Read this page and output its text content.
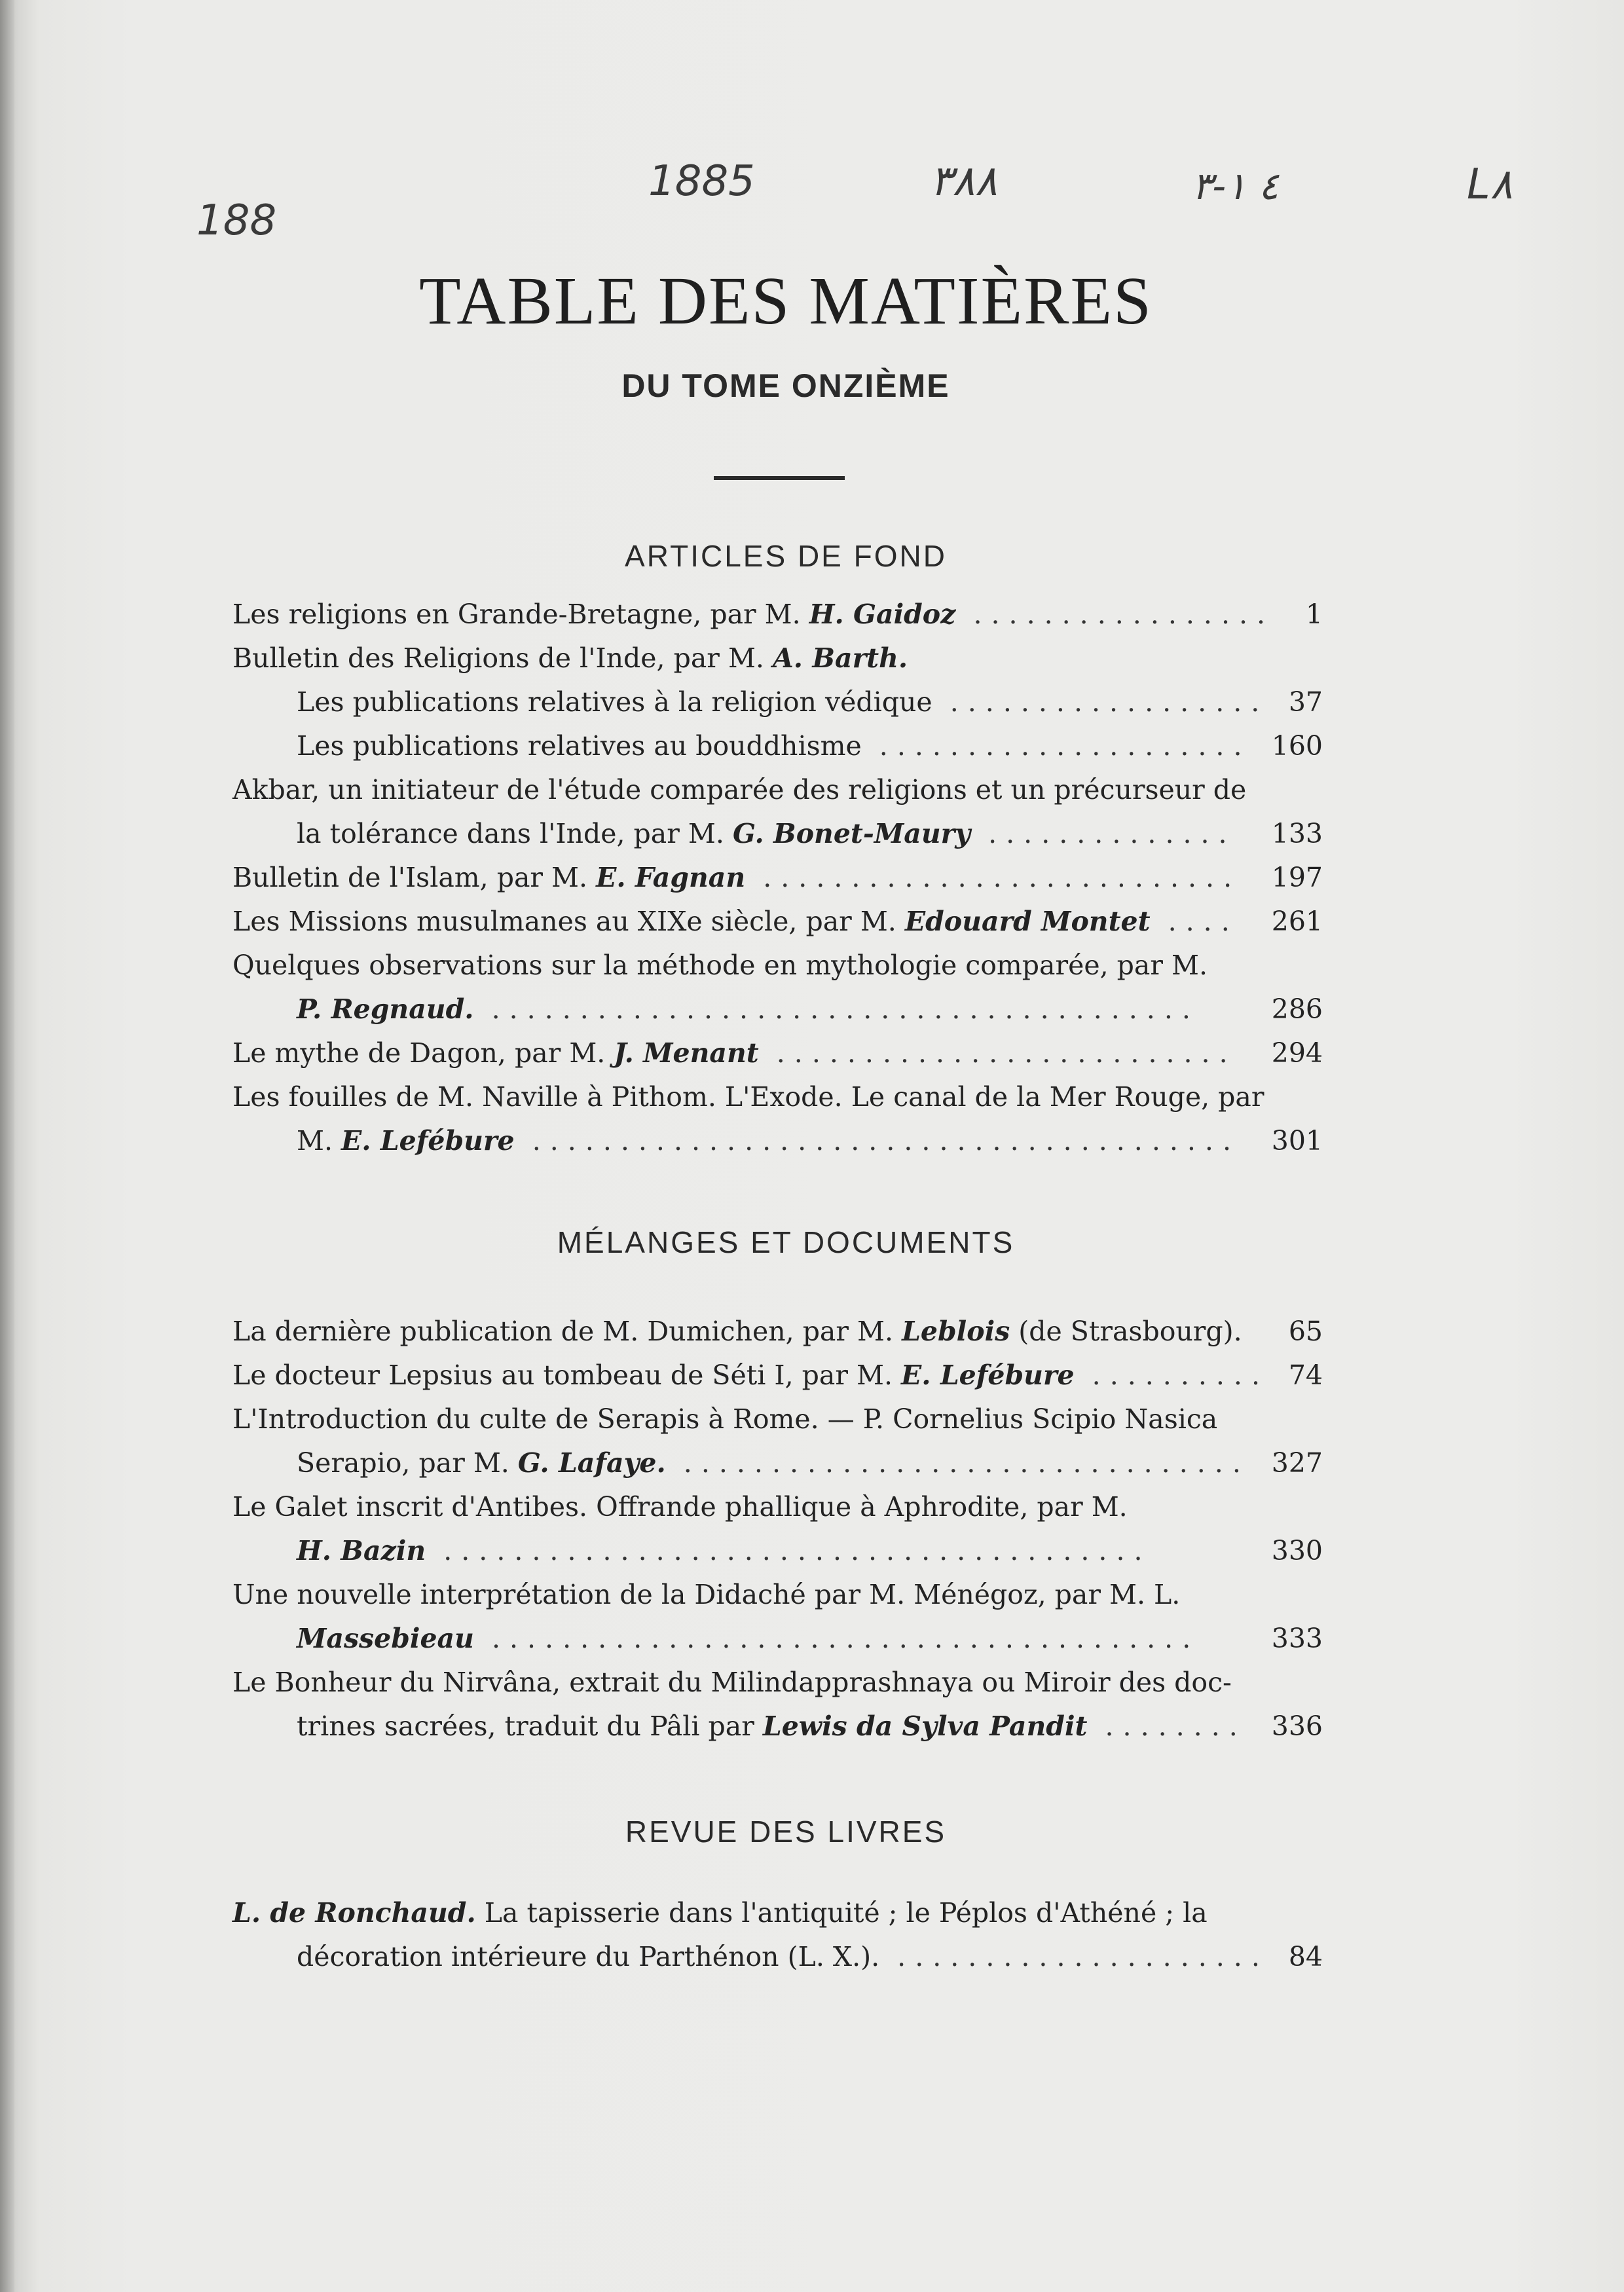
188
1885	٣٨٨	٤ ١-٣	L٨
TABLE DES MATIÈRES
DU TOME ONZIÈME
ARTICLES DE FOND
Les religions en Grande-Bretagne, par M. H. Gaidoz ................. 1
Bulletin des Religions de l'Inde, par M. A. Barth.
Les publications relatives à la religion védique .................. 37
Les publications relatives au bouddhisme ..................... 160
Akbar, un initiateur de l'étude comparée des religions et un précurseur de
la tolérance dans l'Inde, par M. G. Bonet-Maury .............. 133
Bulletin de l'Islam, par M. E. Fagnan ........................... 197
Les Missions musulmanes au XIXe siècle, par M. Edouard Montet .... 261
Quelques observations sur la méthode en mythologie comparée, par M.
P. Regnaud. ........................................	286
Le mythe de Dagon, par M. J. Menant .......................... 294
Les fouilles de M. Naville à Pithom. L'Exode. Le canal de la Mer Rouge, par
M. E. Lefébure ........................................ 301
MÉLANGES ET DOCUMENTS
La dernière publication de M. Dumichen, par M. Leblois (de Strasbourg). 65
Le docteur Lepsius au tombeau de Séti I, par M. E. Lefébure .......... 74
L'Introduction du culte de Serapis à Rome. — P. Cornelius Scipio Nasica
Serapio, par M. G. Lafaye. ................................ 327
Le Galet inscrit d'Antibes. Offrande phallique à Aphrodite, par M.
H. Bazin ........................................	330
Une nouvelle interprétation de la Didaché par M. Ménégoz, par M. L.
Massebieau ........................................	333
Le Bonheur du Nirvâna, extrait du Milindapprashnaya ou Miroir des doc-
trines sacrées, traduit du Pâli par Lewis da Sylva Pandit ........ 336
REVUE DES LIVRES
L. de Ronchaud. La tapisserie dans l'antiquité ; le Péplos d'Athéné ; la
décoration intérieure du Parthénon (L. X.). ..................... 84
